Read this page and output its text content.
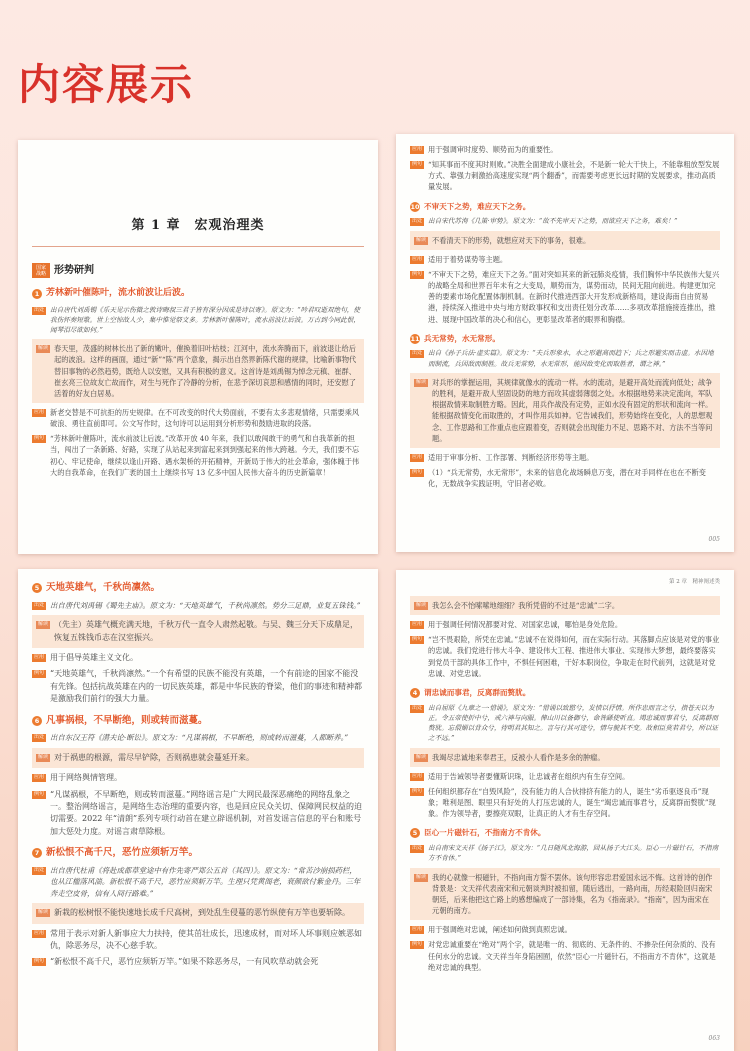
内容展示
第 1 章　宏观治理类
国家战略 形势研判
1 芳林新叶催陈叶，流水前波让后波。
出处 出自唐代刘禹锡《乐天见示伤微之敦诗晦叔三君子皆有深分因成是诗以寄》。原文为：“吟君叹逝双绝句，使我伤怀奏短歌。世上空惊故人少，集中惟觉祭文多。芳林新叶催陈叶，流水前波让后波。万古到今同此恨，闻琴泪尽欲如何。”
解读 春天里，茂盛的树林长出了新的嫩叶，催换着旧叶枯枝；江河中，流水奔腾而下，前波退让给后起的波浪。这样的画面，通过“新”“陈”两个意象，揭示出自然界新陈代谢的规律，比喻新事物代替旧事物的必然趋势，既给人以安慰，又具有积极的意义。这首诗是刘禹锡为悼念元稹、崔群、崔玄亮三位故友亡故而作，对生与死作了冷静的分析，在悲予深切哀思和感情的同时，还安慰了活着的好友白居易。
应用 新老交替是不可抗拒的历史规律。在不可改变的时代大势面前，不要有太多悲观情绪，只需要乘风破浪、勇往直前即可。公文写作时，这句诗可以运用到分析形势和鼓励进取的段落。
例句 “芳林新叶催陈叶，流水前波让后波。”改革开放 40 年来，我们以敢闯敢干的勇气和自我革新的担当，闯出了一条新路、好路，实现了从站起来到富起来到到强起来的伟大跨越。今天，我们要不忘初心、牢记使命，继续以逢山开路、遇水架桥的开拓精神，开新局于伟大的社会革命，强体魄于伟大的自我革命，在我们广袤的国土上继续书写 13 亿多中国人民伟大奋斗的历史新篇章！
应用 用于强调审时度势、顺势而为的重要性。
例句 “知其事而不度其时则败。”决胜全面建成小康社会，不是新一轮大干快上，不能靠粗放型发展方式、靠强力刺激抬高速度实现“两个翻番”，而需要考虑更长远时期的发展要求，推动高质量发展。
10 不审天下之势，难应天下之务。
出处 出自宋代苏洵《几策·审势》。原文为：“故不先审天下之势，而欲应天下之务，难矣！”
解读 不看清天下的形势，就想应对天下的事务，很难。
应用 适用于着势谋势等主题。
例句 “不审天下之势，难应天下之务。”面对突如其来的新冠肺炎疫情，我们胸怀中华民族伟大复兴的战略全局和世界百年未有之大变局，顺势而为，谋势而动，民间无阻向前进。构建更加完善的要素市场化配置体制机制。在新时代推进西部大开发形成新格局，建设海南自由贸易港，持续深入推进中央与地方财政事权和支出责任划分改革……多项改革措施接连推出，推进、展现中国改革的决心和信心，更彰显改革者的眼界和胸襟。
11 兵无常势，水无常形。
出处 出自《孙子兵法·虚实篇》。原文为：“夫兵形象水，水之形避高而趋下；兵之形避实而击虚。水因地而制流，兵因敌而制胜。故兵无常势，水无常形，能因敌变化而取胜者，谓之神。”
解读 对兵形的掌握运用，其规律就像水的流动一样。水的流动，是避开高处而流向低处；战争的胜利，是避开敌人坚固设防的地方而攻其虚弱薄弱之处。水根据地势来决定流向，军队根据敌情来取制胜方略。因此，用兵作战没有定势，正如水没有固定的形状和流向一样。能根据敌情变化而取胜的，才叫作用兵如神。它告诫我们，形势始终在变化，人的思想观念、工作思路和工作重点也应跟着变，否则就会出现能力不足、思路不对、方法不当等问题。
应用 适用于审事分析、工作部署、判断经济形势等主题。
例句 （1）“兵无常势，水无常形”，未来的信息化战场瞬息万变，潜在对手同样在也在不断变化，无数战争实践证明，守旧者必败。
005
5 天地英雄气，千秋尚凛然。
出处 出自唐代刘禹锡《蜀先主庙》。原文为：“天地英雄气，千秋尚凛然。势分三足鼎，业复五铢钱。”
解读 （先主）英雄气概充满天地，千秋万代一直令人肃然起敬。与吴、魏三分天下成鼎足，恢复五铢钱币志在汉室振兴。
应用 用于倡导英雄主义文化。
例句 “天地英雄气，千秋尚凛然。”一个有希望的民族不能没有英雄，一个有前途的国家不能没有先锋。包括抗战英雄在内的一切民族英雄，都是中华民族的脊梁，他们的事迹和精神都是激励我们前行的强大力量。
6 凡事祸根，不早断绝，则或转而滋蔓。
出处 出自东汉王符《潜夫论·断讼》。原文为：“凡谋祸根，不早断绝，则或转而滋蔓，人都断养。”
解读 对于祸患的根源，需尽早铲除，否则祸患就会蔓延开来。
应用 用于网络舆情管理。
例句 “凡谋祸根，不早断绝，则或转而滋蔓。”网络谣言是广大网民最深恶痛绝的网络乱象之一。整治网络谣言，是网络生态治理的重要内容，也是回应民众关切、保障网民权益的迫切需要。2022 年“清朗”系列专项行动首在建立辟谣机制，对首发谣言信息的平台和账号加大惩处力度。对谣言肃草除根。
7 新松恨不高千尺，恶竹应须斩万竿。
出处 出自唐代杜甫《将赴成都草堂途中有作先寄严郑公五首（其四）》。原文为：“常苦沙崩损药栏，也从江槛落风湍。新松恨不高千尺，恶竹应须斩万竿。生理只凭黄阁老，衰颜欲付紫金丹。三年奔走空皮骨，信有人间行路难。”
解读 新栽的松树恨不能快速地长成千尺高树，到处乱生侵蔓的恶竹纵使有万竿也要斩除。
应用 常用于表示对新人新事应大力扶持，使其茁壮成长，迅速成材，而对坏人坏事则应嫉恶如仇，除恶务尽，决不心慈手软。
例句 “新松恨不高千尺，恶竹应须斩万竿。”如果不除恶务尽，一有风吹草动就会死
第 2 章　精神阐述类
解读 我怎么会不怡嗦嗦地细细？我所凭借的不过是“忠诚”二字。
应用 用于强调任何情况都要对党、对国家忠诚，哪怕是身处危险。
例句 “岂不畏艰险，所凭在忠诚。”忠诚不在说得如何，而在实际行动。其落脚点应该是对党的事业的忠诚。我们党进行伟大斗争、建设伟大工程、推进伟大事业、实现伟大梦想，最终要落实到党员干部的具体工作中，不惧任何困难，干好本职岗位，争取走在时代前列，这就是对党忠诚、对党忠诚。
4 谓忠诚而事君，反离群而赘肬。
出处 出自屈原《九章之一·惜诵》，原文为：“惜诵以致愍兮，发愤以抒情。所作忠而言之兮，指苍天以为正。令五帝使折中兮，戒六神与向服。俾山川以备御兮，命咎繇使听直。竭忠诚而事君兮，反离群而赘肬。忘儇媚以背众兮，待明君其知之。言与行其可迹兮，情与貌其不变。故相臣莫若君兮，所以证之不远。”
解读 我竭尽忠诚地来奉君王，反被小人看作是多余的肿瘤。
应用 适用于告诫领导者要懂斯识珠，让忠诚者在组织内有生存空间。
例句 任何组织都存在“自毁风险”，没有能力的人合伙排挤有能力的人，诞生“劣币驱逐良币”现象；唯利是图、眼里只有好处的人打压忠诚的人，诞生“竭忠诚而事君兮，反离群而赘肬”现象。作为领导者，要擦亮双眼，让真正的人才有生存空间。
5 臣心一片磁针石，不指南方不肯休。
出处 出自南宋文天祥《扬子江》，原文为：“几日随风北海游，回从扬子大江头。臣心一片磁针石，不指南方不肯休。”
解读 我的心就像一根磁针，不指向南方誓不罢休。该句形容忠君爱国永远不悔。这首诗的创作背景是：文天祥代表南宋和元朝谈判时被扣留，随后逃出，一路向南，历经艰险回归南宋朝廷，后来他把这亡路上的感想编成了一部诗集，名为《指南录》。“指南”，因为南宋在元朝的南方。
应用 用于强调绝对忠诚，阐述如何做到真照忠诚。
例句 对党忠诚重要在“绝对”两个字，就是唯一的、彻底的、无条件的、不掺杂任何杂质的、没有任何水分的忠诚。文天祥当年身陷困囿，依然“臣心一片磁针石，不指南方不肯休”，这就是绝对忠诚的典型。
063
